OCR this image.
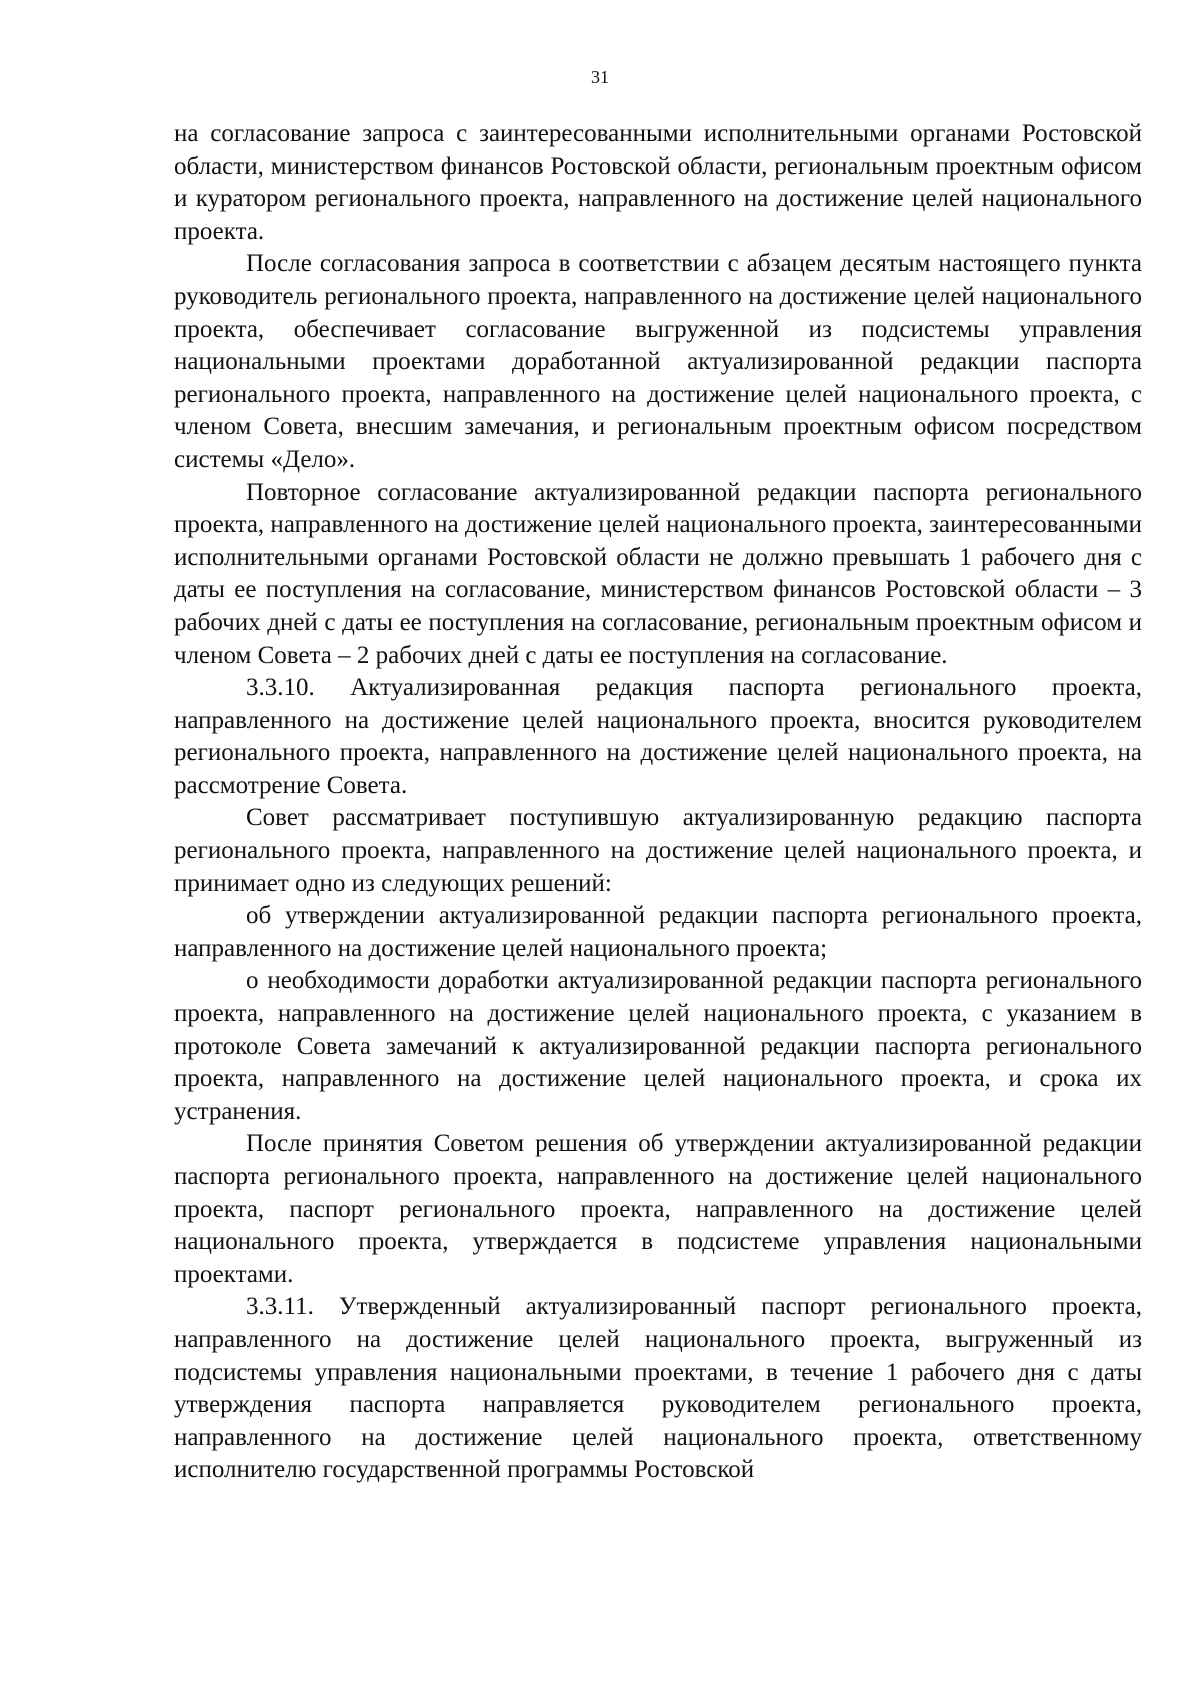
31

на согласование запроса с заинтересованными исполнительными органами Ростовской области, министерством финансов Ростовской области, региональным проектным офисом и куратором регионального проекта, направленного на достижение целей национального проекта.

После согласования запроса в соответствии с абзацем десятым настоящего пункта руководитель регионального проекта, направленного на достижение целей национального проекта, обеспечивает согласование выгруженной из подсистемы управления национальными проектами доработанной актуализированной редакции паспорта регионального проекта, направленного на достижение целей национального проекта, с членом Совета, внесшим замечания, и региональным проектным офисом посредством системы «Дело».

Повторное согласование актуализированной редакции паспорта регионального проекта, направленного на достижение целей национального проекта, заинтересованными исполнительными органами Ростовской области не должно превышать 1 рабочего дня с даты ее поступления на согласование, министерством финансов Ростовской области – 3 рабочих дней с даты ее поступления на согласование, региональным проектным офисом и членом Совета – 2 рабочих дней с даты ее поступления на согласование.

3.3.10. Актуализированная редакция паспорта регионального проекта, направленного на достижение целей национального проекта, вносится руководителем регионального проекта, направленного на достижение целей национального проекта, на рассмотрение Совета.

Совет рассматривает поступившую актуализированную редакцию паспорта регионального проекта, направленного на достижение целей национального проекта, и принимает одно из следующих решений:

об утверждении актуализированной редакции паспорта регионального проекта, направленного на достижение целей национального проекта;

о необходимости доработки актуализированной редакции паспорта регионального проекта, направленного на достижение целей национального проекта, с указанием в протоколе Совета замечаний к актуализированной редакции паспорта регионального проекта, направленного на достижение целей национального проекта, и срока их устранения.

После принятия Советом решения об утверждении актуализированной редакции паспорта регионального проекта, направленного на достижение целей национального проекта, паспорт регионального проекта, направленного на достижение целей национального проекта, утверждается в подсистеме управления национальными проектами.

3.3.11. Утвержденный актуализированный паспорт регионального проекта, направленного на достижение целей национального проекта, выгруженный из подсистемы управления национальными проектами, в течение 1 рабочего дня с даты утверждения паспорта направляется руководителем регионального проекта, направленного на достижение целей национального проекта, ответственному исполнителю государственной программы Ростовской
